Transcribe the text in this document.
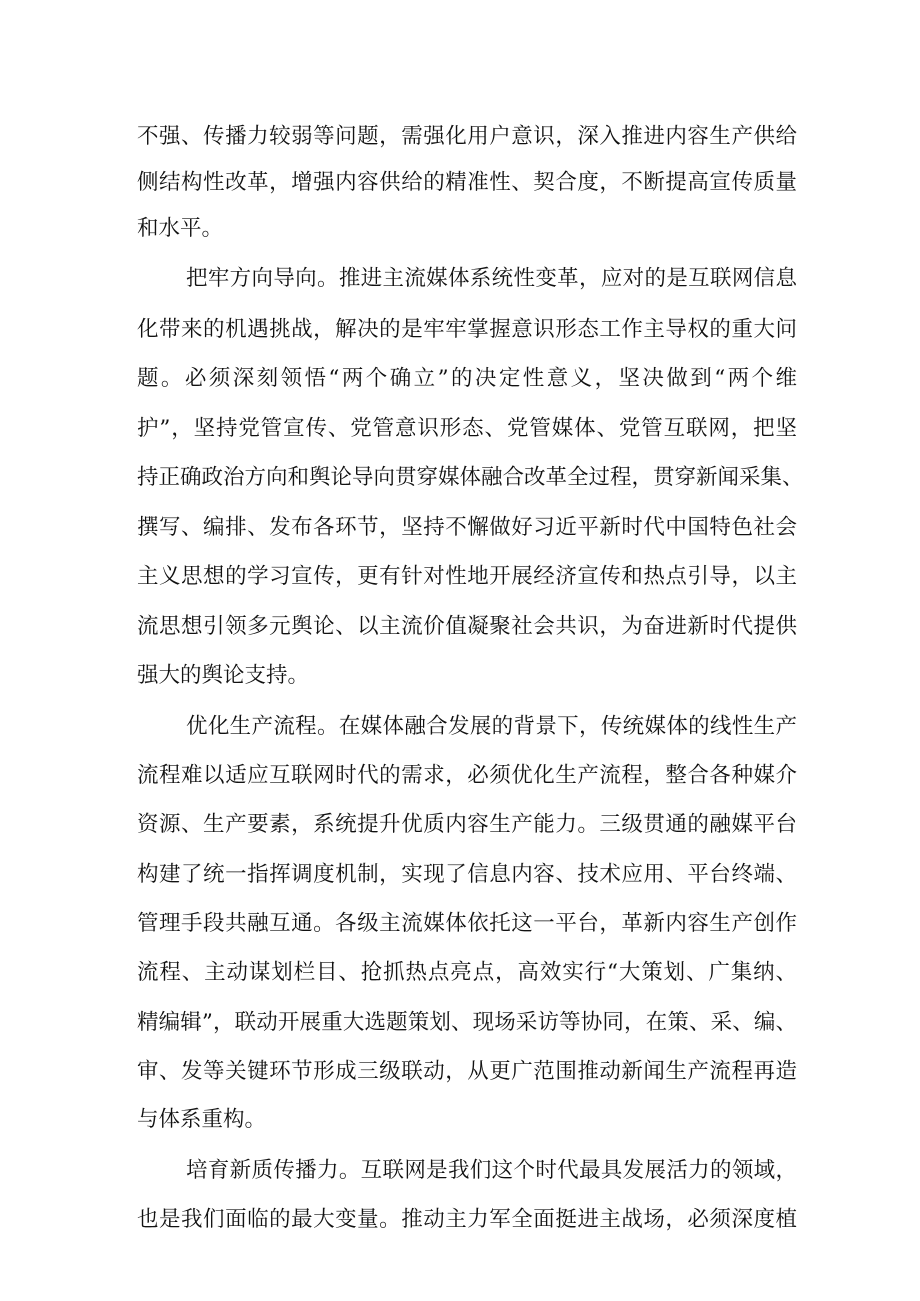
不强、传播力较弱等问题，需强化用户意识，深入推进内容生产供给
侧结构性改革，增强内容供给的精准性、契合度，不断提高宣传质量
和水平。
把牢方向导向。推进主流媒体系统性变革，应对的是互联网信息
化带来的机遇挑战，解决的是牢牢掌握意识形态工作主导权的重大问
题。必须深刻领悟“两个确立”的决定性意义，坚决做到“两个维
护”，坚持党管宣传、党管意识形态、党管媒体、党管互联网，把坚
持正确政治方向和舆论导向贯穿媒体融合改革全过程，贯穿新闻采集、
撰写、编排、发布各环节，坚持不懈做好习近平新时代中国特色社会
主义思想的学习宣传，更有针对性地开展经济宣传和热点引导，以主
流思想引领多元舆论、以主流价值凝聚社会共识，为奋进新时代提供
强大的舆论支持。
优化生产流程。在媒体融合发展的背景下，传统媒体的线性生产
流程难以适应互联网时代的需求，必须优化生产流程，整合各种媒介
资源、生产要素，系统提升优质内容生产能力。三级贯通的融媒平台
构建了统一指挥调度机制，实现了信息内容、技术应用、平台终端、
管理手段共融互通。各级主流媒体依托这一平台，革新内容生产创作
流程、主动谋划栏目、抢抓热点亮点，高效实行“大策划、广集纳、
精编辑”，联动开展重大选题策划、现场采访等协同，在策、采、编、
审、发等关键环节形成三级联动，从更广范围推动新闻生产流程再造
与体系重构。
培育新质传播力。互联网是我们这个时代最具发展活力的领域，
也是我们面临的最大变量。推动主力军全面挺进主战场，必须深度植
